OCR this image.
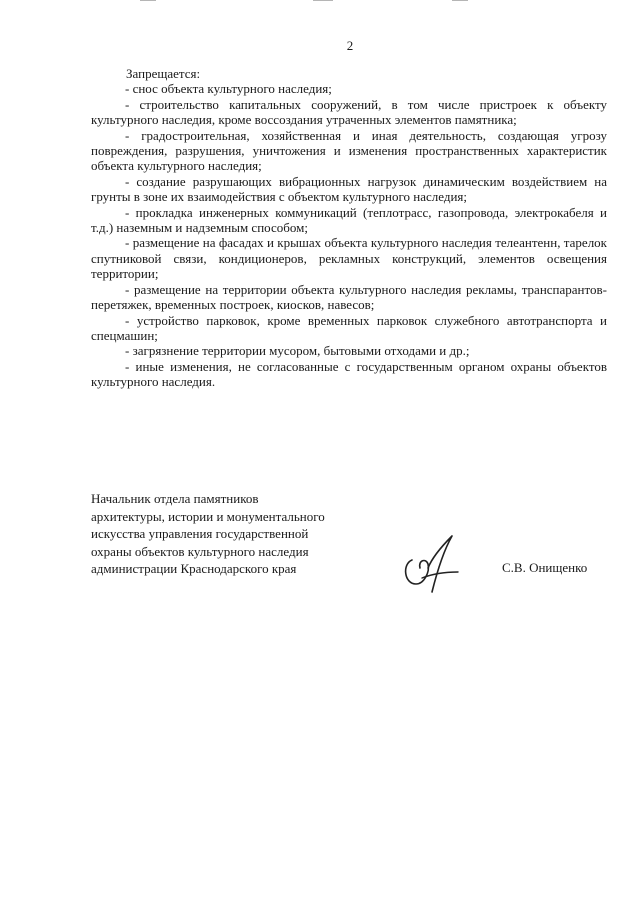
2

Запрещается:

- снос объекта культурного наследия;

- строительство капитальных сооружений, в том числе пристроек к объекту культурного наследия, кроме воссоздания утраченных элементов памятника;

- градостроительная, хозяйственная и иная деятельность, создающая угрозу повреждения, разрушения, уничтожения и изменения пространственных характеристик объекта культурного наследия;

- создание разрушающих вибрационных нагрузок динамическим воздействием на грунты в зоне их взаимодействия с объектом культурного наследия;

- прокладка инженерных коммуникаций (теплотрасс, газопровода, электрокабеля и т.д.) наземным и надземным способом;

- размещение на фасадах и крышах объекта культурного наследия телеантенн, тарелок спутниковой связи, кондиционеров, рекламных конструкций, элементов освещения территории;

- размещение на территории объекта культурного наследия рекламы, транспарантов-перетяжек, временных построек, киосков, навесов;

- устройство парковок, кроме временных парковок служебного автотранспорта и спецмашин;

- загрязнение территории мусором, бытовыми отходами и др.;

- иные изменения, не согласованные с государственным органом охраны объектов культурного наследия.

Начальник отдела памятников
архитектуры, истории и монументального
искусства управления государственной
охраны объектов культурного наследия
администрации Краснодарского края	С.В. Онищенко
